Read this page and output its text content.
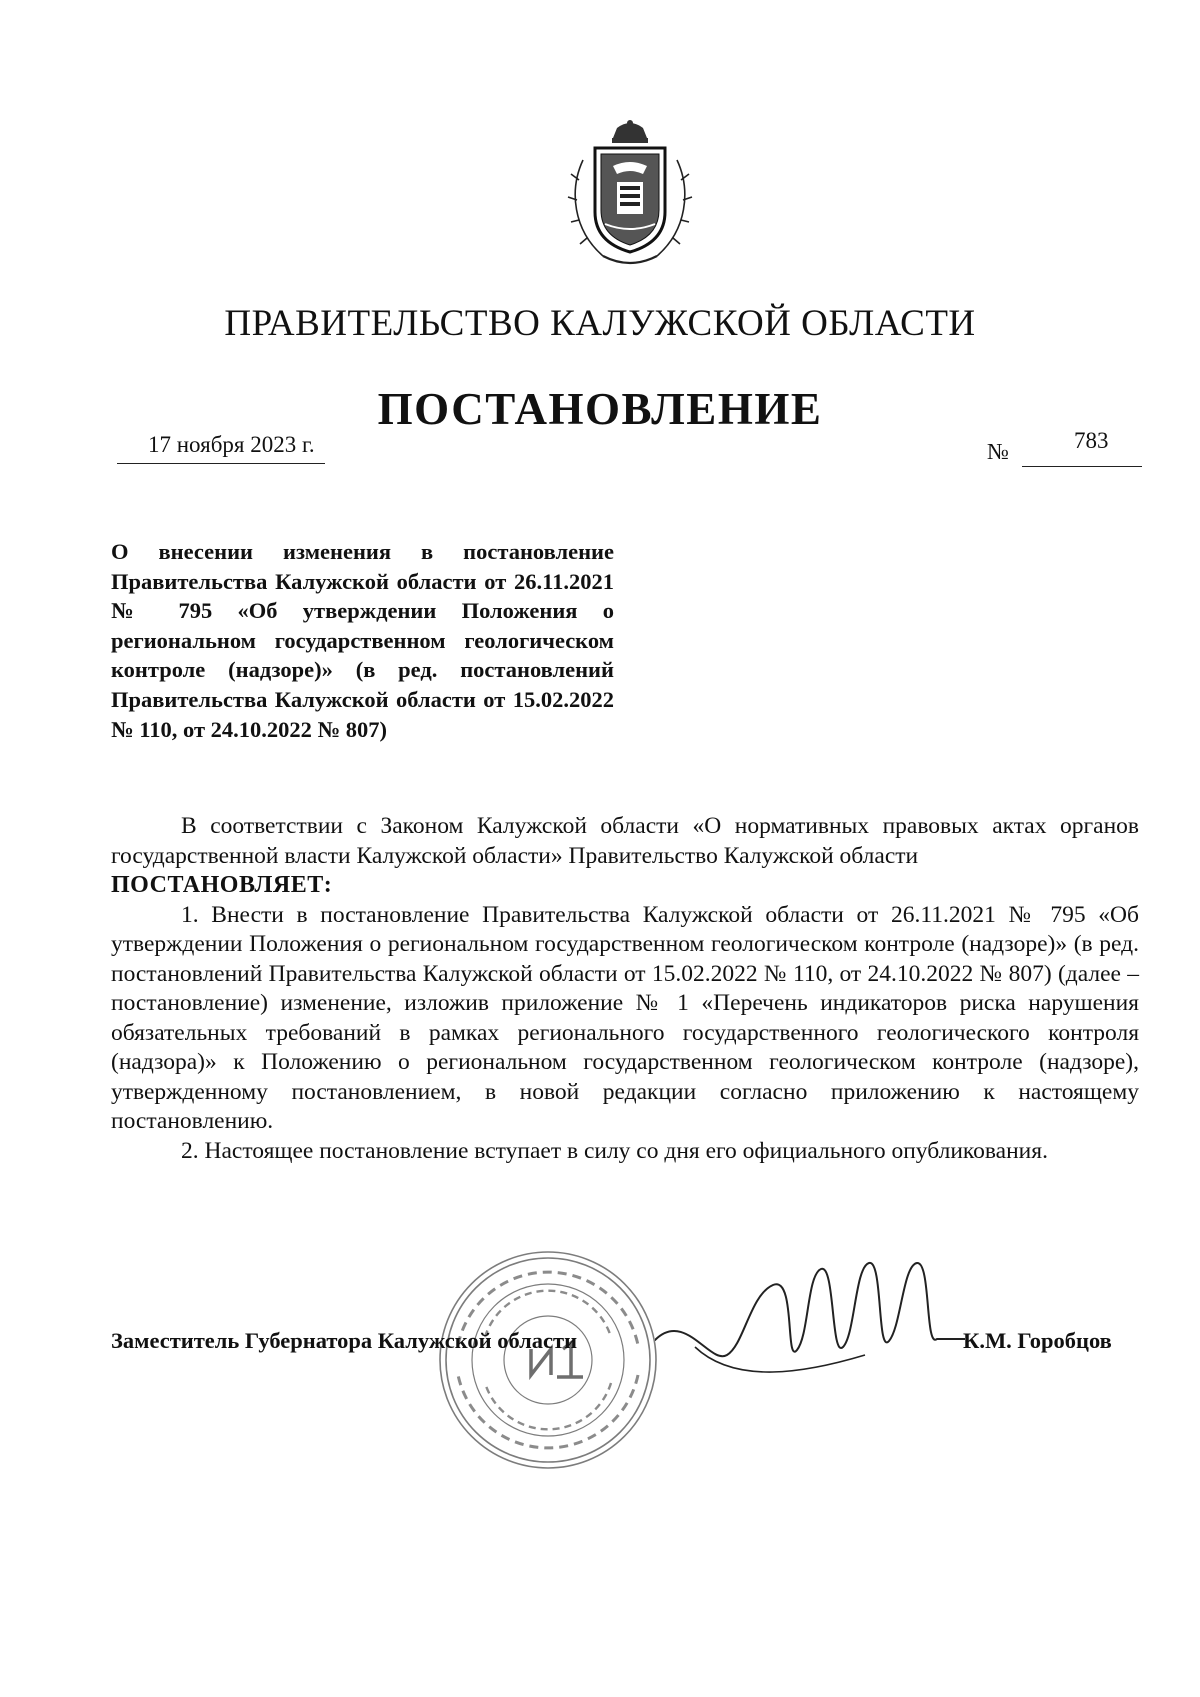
ПРАВИТЕЛЬСТВО КАЛУЖСКОЙ ОБЛАСТИ
ПОСТАНОВЛЕНИЕ
17 ноября 2023 г.	№	783

О внесении изменения в постановление Правительства Калужской области от 26.11.2021 № 795 «Об утверждении Положения о региональном государственном геологическом контроле (надзоре)» (в ред. постановлений Правительства Калужской области от 15.02.2022 № 110, от 24.10.2022 № 807)

В соответствии с Законом Калужской области «О нормативных правовых актах органов государственной власти Калужской области» Правительство Калужской области

ПОСТАНОВЛЯЕТ:

1. Внести в постановление Правительства Калужской области от 26.11.2021 № 795 «Об утверждении Положения о региональном государственном геологическом контроле (надзоре)» (в ред. постановлений Правительства Калужской области от 15.02.2022 № 110, от 24.10.2022 № 807) (далее – постановление) изменение, изложив приложение № 1 «Перечень индикаторов риска нарушения обязательных требований в рамках регионального государственного геологического контроля (надзора)» к Положению о региональном государственном геологическом контроле (надзоре), утвержденному постановлением, в новой редакции согласно приложению к настоящему постановлению.

2. Настоящее постановление вступает в силу со дня его официального опубликования.

Заместитель Губернатора Калужской области	К.М. Горобцов
